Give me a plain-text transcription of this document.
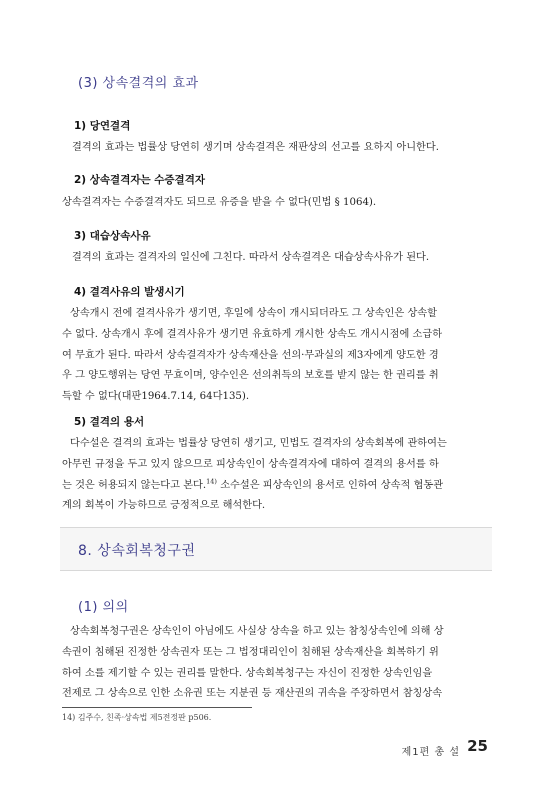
(3) 상속결격의 효과
1) 당연결격

결격의 효과는 법률상 당연히 생기며 상속결격은 재판상의 선고를 요하지 아니한다.

2) 상속결격자는 수증결격자

상속결격자는 수증결격자도 되므로 유증을 받을 수 없다(민법 § 1064).

3) 대습상속사유

결격의 효과는 결격자의 일신에 그친다. 따라서 상속결격은 대습상속사유가 된다.

4) 결격사유의 발생시기

상속개시 전에 결격사유가 생기면, 후일에 상속이 개시되더라도 그 상속인은 상속할

수 없다. 상속개시 후에 결격사유가 생기면 유효하게 개시한 상속도 개시시점에 소급하

여 무효가 된다. 따라서 상속결격자가 상속재산을 선의·무과실의 제3자에게 양도한 경

우 그 양도행위는 당연 무효이며, 양수인은 선의취득의 보호를 받지 않는 한 권리를 취

득할 수 없다(대판1964.7.14, 64다135).

5) 결격의 용서

다수설은 결격의 효과는 법률상 당연히 생기고, 민법도 결격자의 상속회복에 관하여는

아무런 규정을 두고 있지 않으므로 피상속인이 상속결격자에 대하여 결격의 용서를 하

는 것은 허용되지 않는다고 본다.$^{14)}$ 소수설은 피상속인의 용서로 인하여 상속적 협동관

계의 회복이 가능하므로 긍정적으로 해석한다.

8. 상속회복청구권
(1) 의의

상속회복청구권은 상속인이 아님에도 사실상 상속을 하고 있는 참칭상속인에 의해 상

속권이 침해된 진정한 상속권자 또는 그 법정대리인이 침해된 상속재산을 회복하기 위

하여 소를 제기할 수 있는 권리를 말한다. 상속회복청구는 자신이 진정한 상속인임을

전제로 그 상속으로 인한 소유권 또는 지분권 등 재산권의 귀속을 주장하면서 참칭상속

14) 김주수, 친족·상속법 제5전정판 p506.
제1편 총 설 25
